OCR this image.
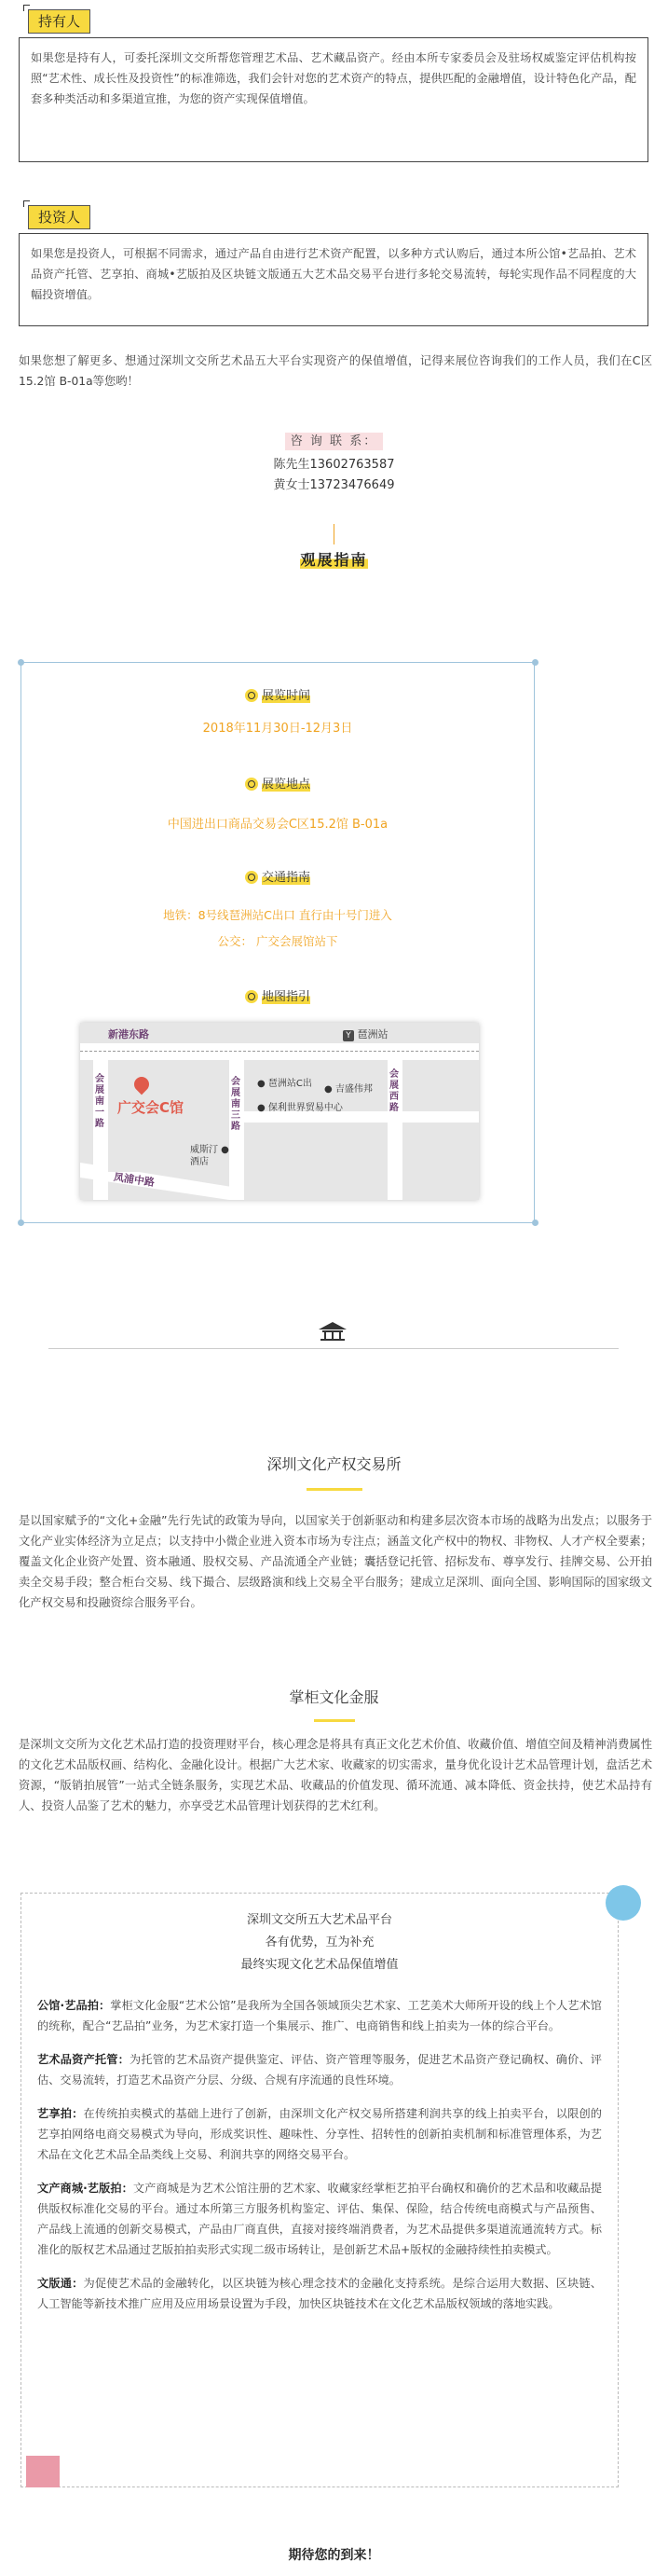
持有人
如果您是持有人，可委托深圳文交所帮您管理艺术品、艺术藏品资产。经由本所专家委员会及驻场权威鉴定评估机构按照“艺术性、成长性及投资性”的标准筛选，我们会针对您的艺术资产的特点，提供匹配的金融增值，设计特色化产品，配套多种类活动和多渠道宣推，为您的资产实现保值增值。
投资人
如果您是投资人，可根据不同需求，通过产品自由进行艺术资产配置，以多种方式认购后，通过本所公馆•艺品拍、艺术品资产托管、艺享拍、商城•艺版拍及区块链文版通五大艺术品交易平台进行多轮交易流转，每轮实现作品不同程度的大幅投资增值。
如果您想了解更多、想通过深圳文交所艺术品五大平台实现资产的保值增值，记得来展位咨询我们的工作人员，我们在C区15.2馆 B-01a等您哟！
咨 询 联 系：
陈先生13602763587
黄女士13723476649
观展指南
展览时间
2018年11月30日-12月3日
展览地点
中国进出口商品交易会C区15.2馆 B-01a
交通指南
地铁：8号线琶洲站C出口 直行由十号门进入
公交： 广交会展馆站下
地图指引
新港东路	Y 琶洲站
会展南一路
会展南三路
会展西路
● 琶洲站C出
● 吉盛伟邦
● 保利世界贸易中心
广交会C馆
威斯汀 ●
酒店
凤浦中路
深圳文化产权交易所
是以国家赋予的“文化+金融”先行先试的政策为导向，以国家关于创新驱动和构建多层次资本市场的战略为出发点；以服务于文化产业实体经济为立足点；以支持中小微企业进入资本市场为专注点；涵盖文化产权中的物权、非物权、人才产权全要素；覆盖文化企业资产处置、资本融通、股权交易、产品流通全产业链；囊括登记托管、招标发布、尊享发行、挂牌交易、公开拍卖全交易手段；整合柜台交易、线下撮合、层级路演和线上交易全平台服务；建成立足深圳、面向全国、影响国际的国家级文化产权交易和投融资综合服务平台。
掌柜文化金服
是深圳文交所为文化艺术品打造的投资理财平台，核心理念是将具有真正文化艺术价值、收藏价值、增值空间及精神消费属性的文化艺术品版权画、结构化、金融化设计。根据广大艺术家、收藏家的切实需求，量身优化设计艺术品管理计划，盘活艺术资源，“版销拍展管”一站式全链条服务，实现艺术品、收藏品的价值发现、循环流通、减本降低、资金扶持，使艺术品持有人、投资人品鉴了艺术的魅力，亦享受艺术品管理计划获得的艺术红利。
深圳文交所五大艺术品平台
各有优势，互为补充
最终实现文化艺术品保值增值
公馆·艺品拍：掌柜文化金服“艺术公馆”是我所为全国各领域顶尖艺术家、工艺美术大师所开设的线上个人艺术馆的统称，配合“艺品拍”业务，为艺术家打造一个集展示、推广、电商销售和线上拍卖为一体的综合平台。
艺术品资产托管：为托管的艺术品资产提供鉴定、评估、资产管理等服务，促进艺术品资产登记确权、确价、评估、交易流转，打造艺术品资产分层、分级、合规有序流通的良性环境。
艺享拍：在传统拍卖模式的基础上进行了创新，由深圳文化产权交易所搭建利润共享的线上拍卖平台，以限创的艺享拍网络电商交易模式为导向，形成奖识性、趣味性、分享性、招转性的创新拍卖机制和标准管理体系，为艺术品在文化艺术品全品类线上交易、利润共享的网络交易平台。
文产商城·艺版拍：文产商城是为艺术公馆注册的艺术家、收藏家经掌柜艺拍平台确权和确价的艺术品和收藏品提供版权标准化交易的平台。通过本所第三方服务机构鉴定、评估、集保、保险，结合传统电商模式与产品预售、产品线上流通的创新交易模式，产品由厂商直供，直接对接终端消费者，为艺术品提供多渠道流通流转方式。标准化的版权艺术品通过艺版拍拍卖形式实现二级市场转让，是创新艺术品+版权的金融持续性拍卖模式。
文版通：为促使艺术品的金融转化，以区块链为核心理念技术的金融化支持系统。是综合运用大数据、区块链、人工智能等新技术推广应用及应用场景设置为手段，加快区块链技术在文化艺术品版权领域的落地实践。
期待您的到来！
